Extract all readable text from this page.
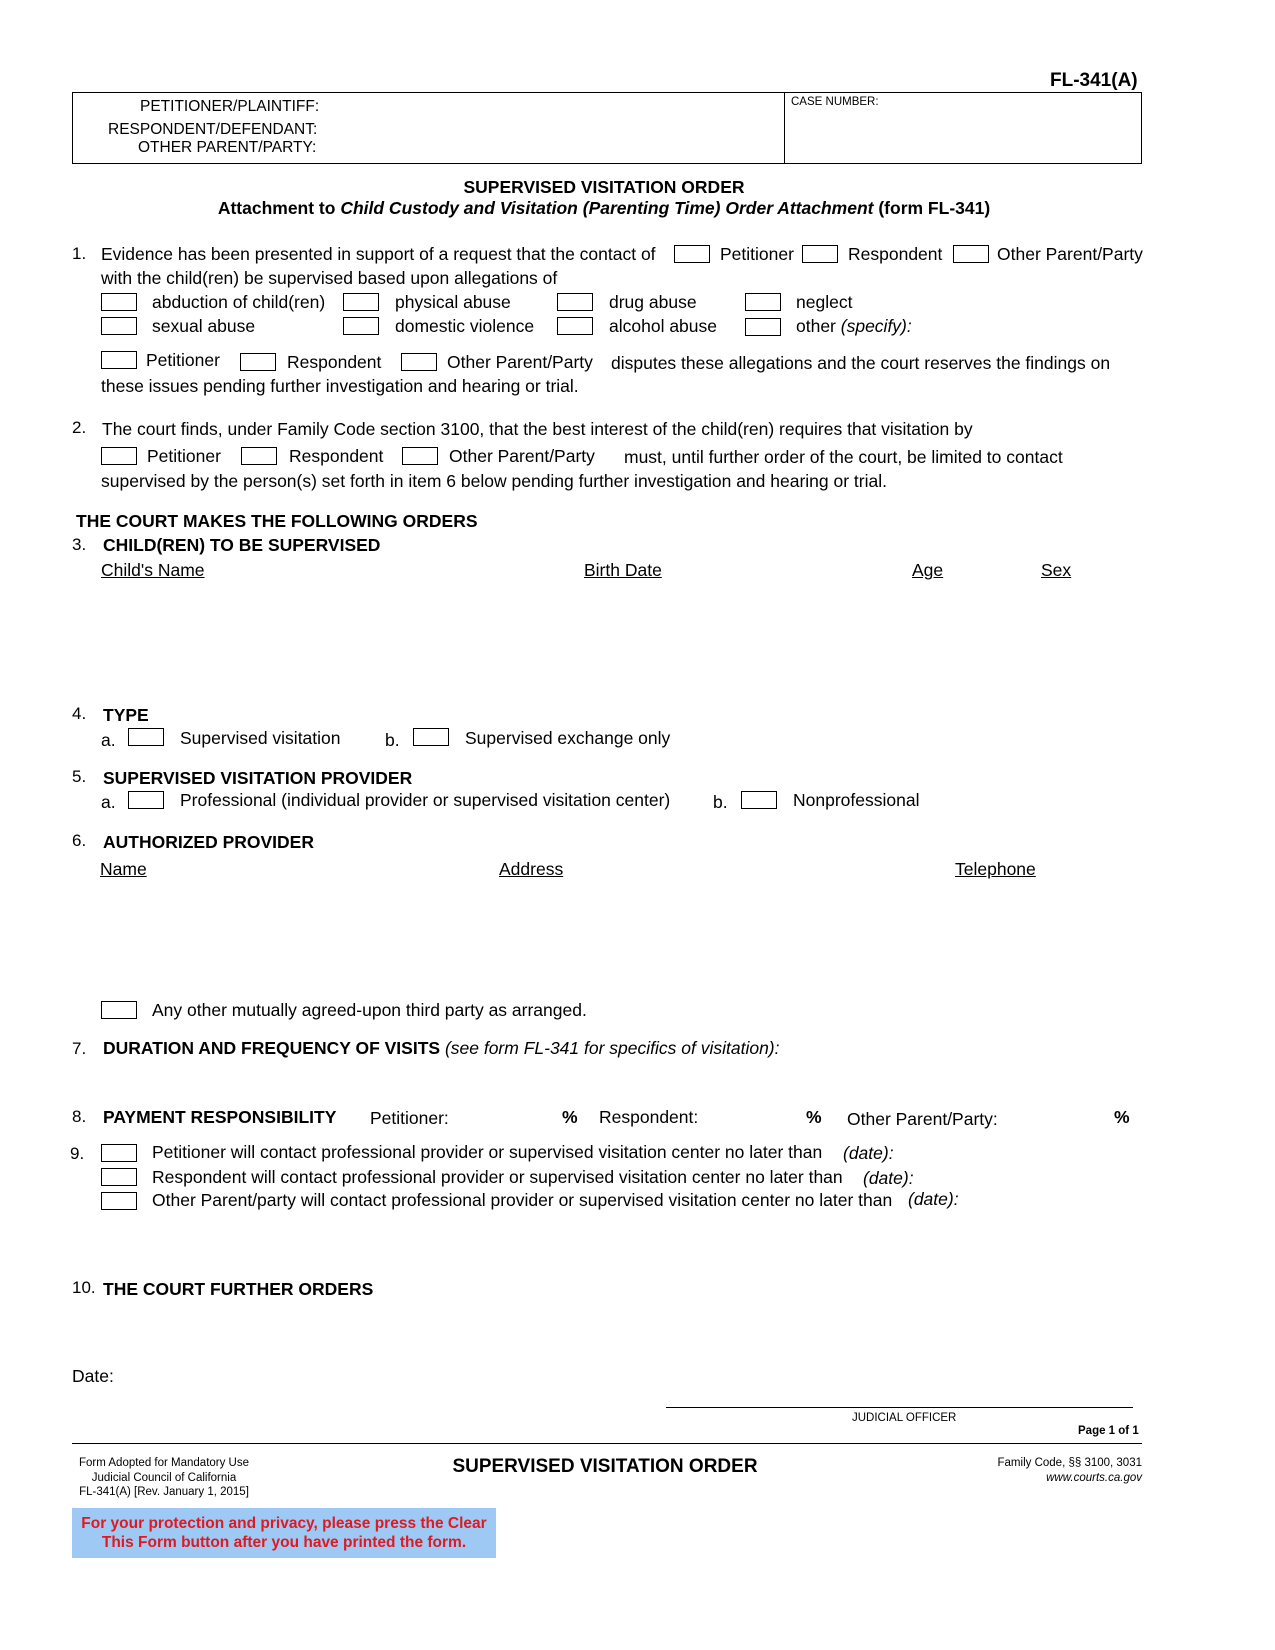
FL-341(A)
PETITIONER/PLAINTIFF:
RESPONDENT/DEFENDANT:
OTHER PARENT/PARTY:
CASE NUMBER:
SUPERVISED VISITATION ORDER
Attachment to Child Custody and Visitation (Parenting Time) Order Attachment (form FL-341)
1. Evidence has been presented in support of a request that the contact of	Petitioner	Respondent	Other Parent/Party
with the child(ren) be supervised based upon allegations of
abduction of child(ren)	physical abuse	drug abuse	neglect
sexual abuse	domestic violence	alcohol abuse	other (specify):
Petitioner	Respondent	Other Parent/Party disputes these allegations and the court reserves the findings on
these issues pending further investigation and hearing or trial.
2. The court finds, under Family Code section 3100, that the best interest of the child(ren) requires that visitation by
Petitioner	Respondent	Other Parent/Party must, until further order of the court, be limited to contact
supervised by the person(s) set forth in item 6 below pending further investigation and hearing or trial.
THE COURT MAKES THE FOLLOWING ORDERS
3. CHILD(REN) TO BE SUPERVISED
Child's Name	Birth Date	Age	Sex
4. TYPE
a.	Supervised visitation	b.	Supervised exchange only
5. SUPERVISED VISITATION PROVIDER
a.	Professional (individual provider or supervised visitation center) b.	Nonprofessional
6. AUTHORIZED PROVIDER
Name	Address	Telephone
Any other mutually agreed-upon third party as arranged.
7. DURATION AND FREQUENCY OF VISITS (see form FL-341 for specifics of visitation):
8. PAYMENT RESPONSIBILITY Petitioner:	% Respondent:	% Other Parent/Party:	%
9.	Petitioner will contact professional provider or supervised visitation center no later than (date):
Respondent will contact professional provider or supervised visitation center no later than (date):
Other Parent/party will contact professional provider or supervised visitation center no later than (date):
10. THE COURT FURTHER ORDERS
Date:
JUDICIAL OFFICER
Page 1 of 1
Form Adopted for Mandatory Use
Judicial Council of California
FL-341(A) [Rev. January 1, 2015]
SUPERVISED VISITATION ORDER	Family Code, §§ 3100, 3031
www.courts.ca.gov
For your protection and privacy, please press the Clear
This Form button after you have printed the form.
